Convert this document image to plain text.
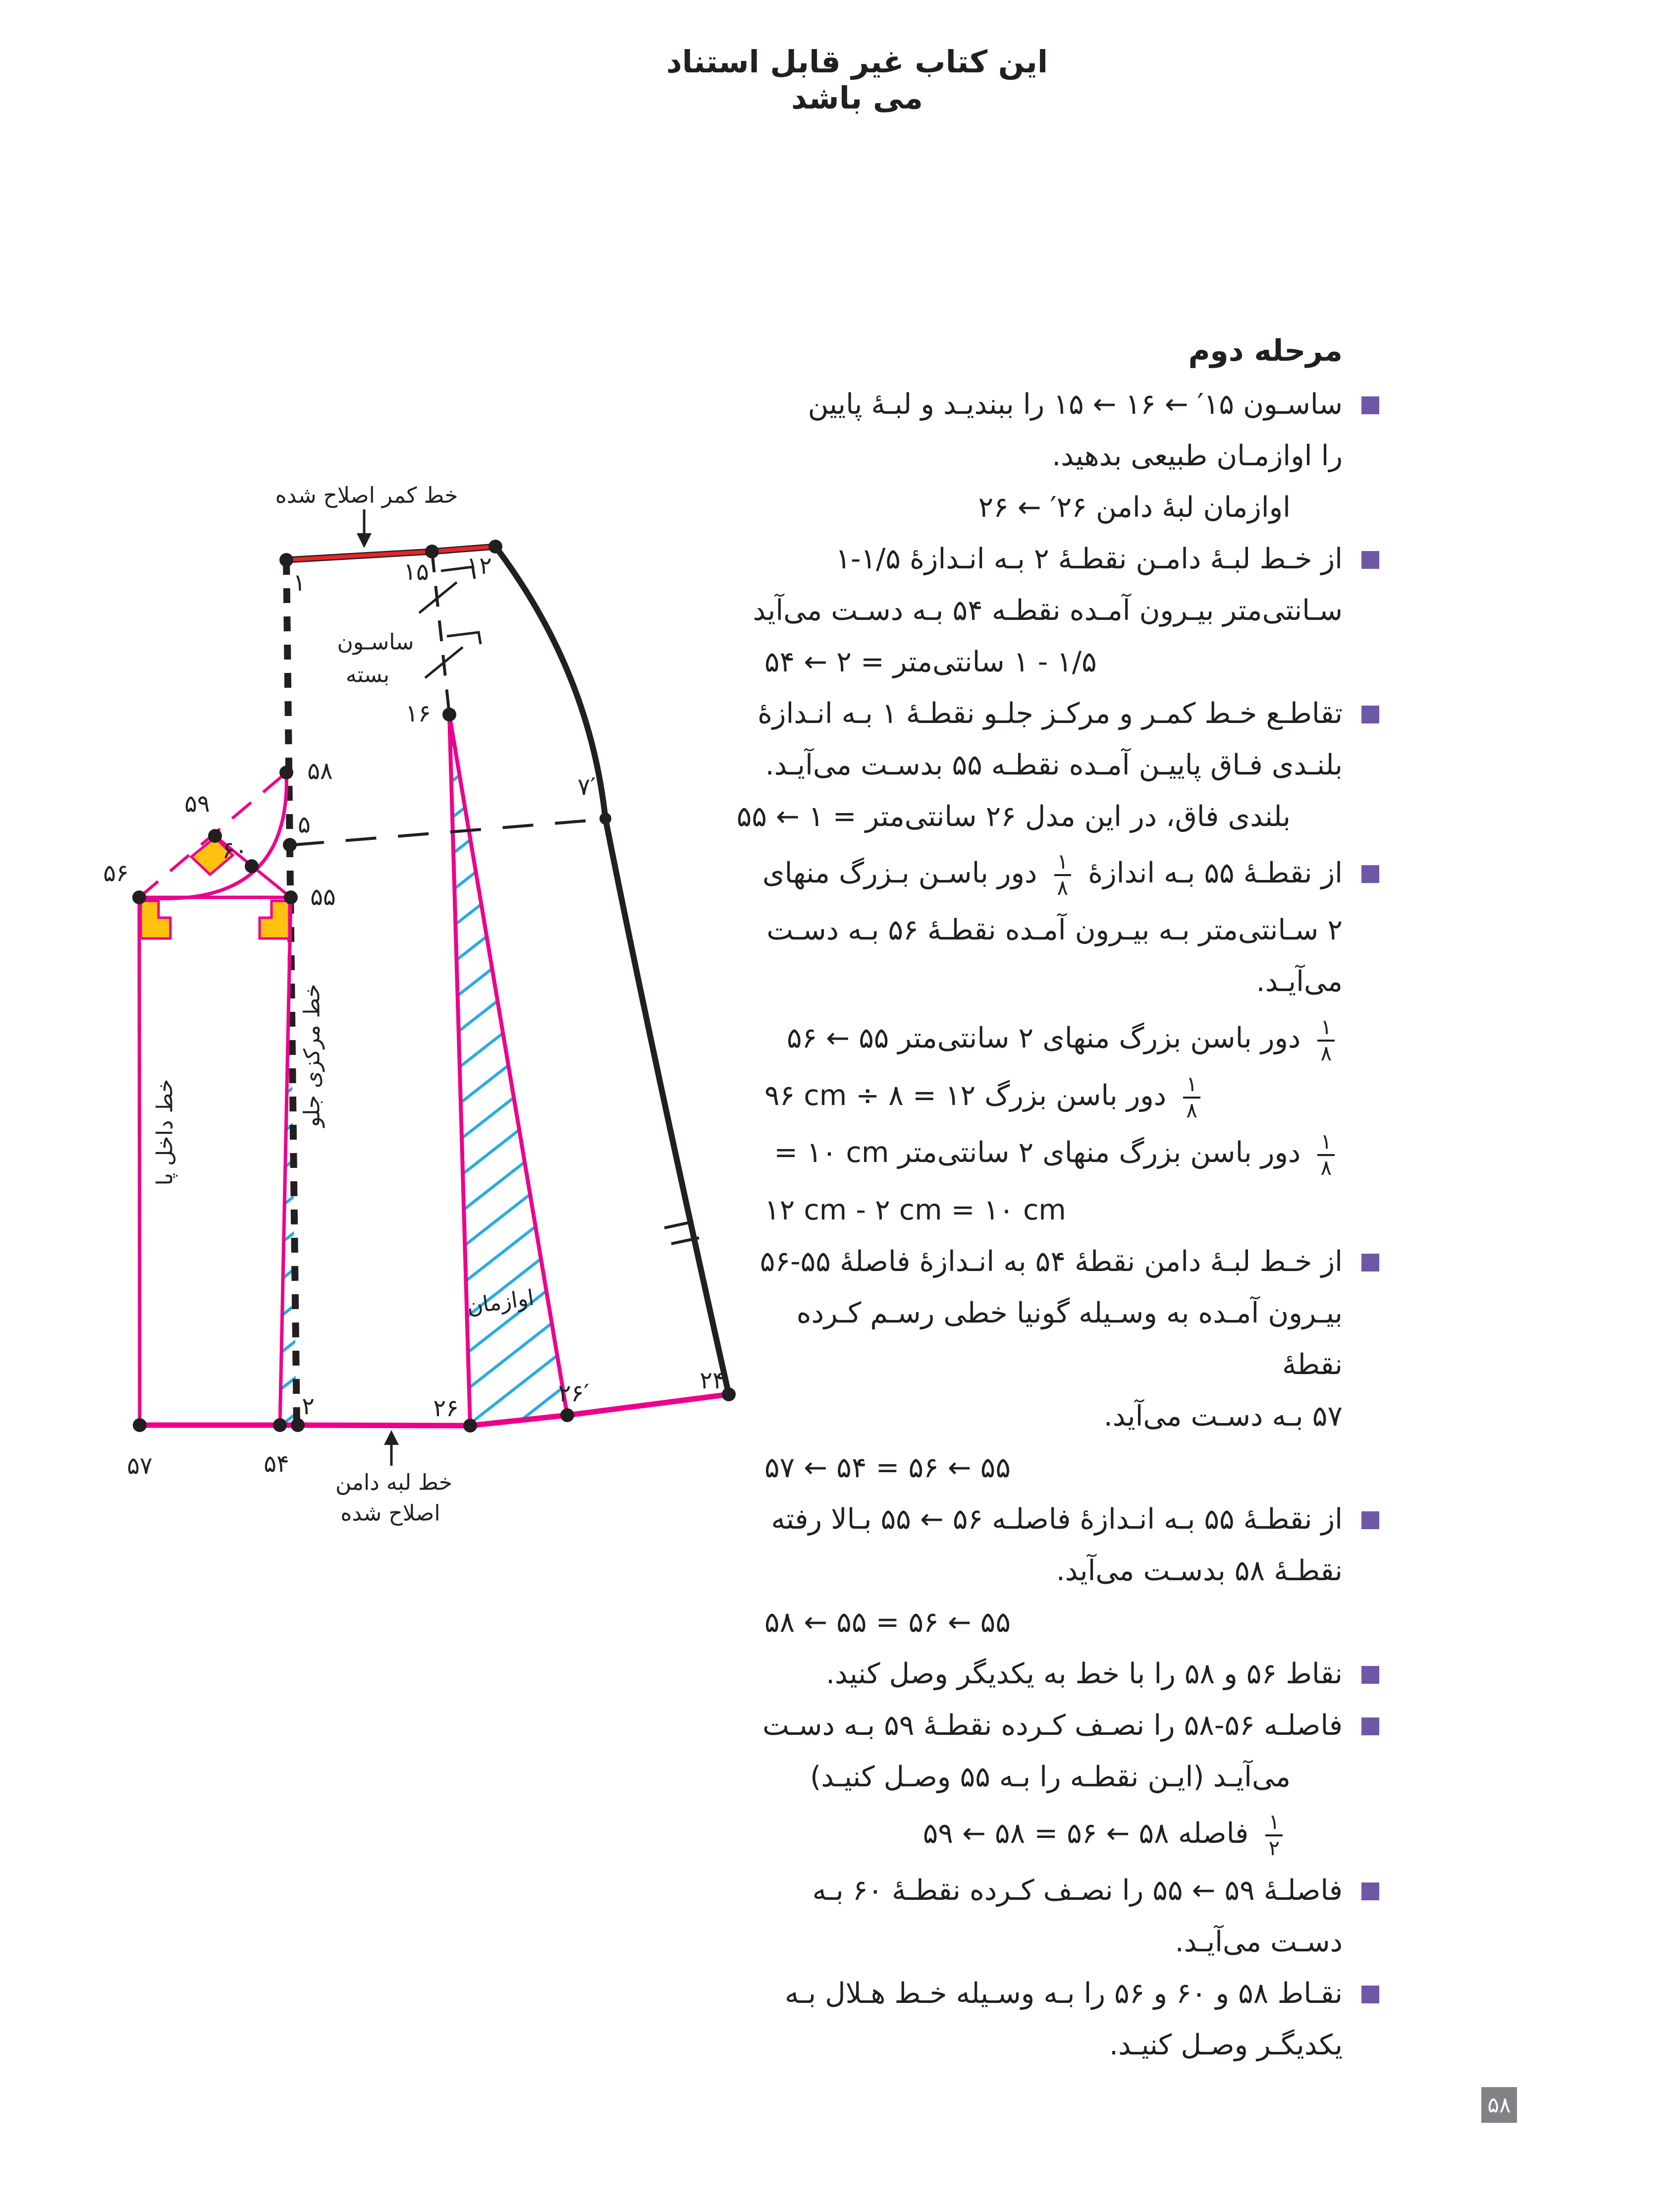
این کتاب غیر قابل استناد می باشد
خط کمر اصلاح شده
ساسـون
بسته
خط مرکزی جلو
خط داخل پا
اوازمان
خط لبه دامن
اصلاح شده
۱	۱۵ ۱۲
۱۶
۵۸
۵۹
۶۰
۵
۵۶
۵۵
۷′
۵۷	۵۴
۲	۲۶
۲۶′	۲۴
مرحله دوم
ساسـون ۱۵′ ← ۱۶ ← ۱۵ را ببندیـد و لبـهٔ پایین
را اوازمـان طبیعی بدهید.
اوازمان لبهٔ دامن ۲۶′ ← ۲۶
از خـط لبـهٔ دامـن نقطـهٔ ۲ بـه انـدازهٔ ۱/۵-۱
سـانتی‌متر بیـرون آمـده نقطـه ۵۴ بـه دسـت می‌آید
۱/۵ - ۱ سانتی‌متر = ۲ ← ۵۴
تقاطـع خـط کمـر و مرکـز جلـو نقطـهٔ ۱ بـه انـدازهٔ
بلنـدی فـاق پاییـن آمـده نقطـه ۵۵ بدسـت می‌آیـد.
بلندی فاق، در این مدل ۲۶ سانتی‌متر = ۱ ← ۵۵
از نقطـهٔ ۵۵ بـه اندازهٔ
$\frac{۱}{۸}$
دور باسـن بـزرگ منهای
۲ سـانتی‌متر بـه بیـرون آمـده نقطـهٔ ۵۶ بـه دسـت
می‌آیـد.
$\frac{۱}{۸}$
دور باسن بزرگ منهای ۲ سانتی‌متر ۵۵ ← ۵۶
$\frac{۱}{۸}$
دور باسن بزرگ ۱۲ = ۸ ÷ ۹۶ cm
$\frac{۱}{۸}$
دور باسن بزرگ منهای ۲ سانتی‌متر = ۱۰ cm
۱۲ cm - ۲ cm = ۱۰ cm
از خـط لبـهٔ دامن نقطهٔ ۵۴ به انـدازهٔ فاصلهٔ ۵۵-۵۶
بیـرون آمـده به وسـیله گونیا خطی رسـم کـرده نقطهٔ
۵۷ بـه دسـت می‌آید.
۵۵ ← ۵۶ = ۵۴ ← ۵۷
از نقطـهٔ ۵۵ بـه انـدازهٔ فاصلـه ۵۶ ← ۵۵ بـالا رفته
نقطـهٔ ۵۸ بدسـت می‌آید.
۵۵ ← ۵۶ = ۵۵ ← ۵۸
نقاط ۵۶ و ۵۸ را با خط به یکدیگر وصل کنید.
فاصلـه ۵۶-۵۸ را نصـف کـرده نقطـهٔ ۵۹ بـه دسـت
می‌آیـد (ایـن نقطـه را بـه ۵۵ وصـل کنیـد)
$\frac{۱}{۲}$
فاصله ۵۸ ← ۵۶ = ۵۸ ← ۵۹
فاصلـهٔ ۵۹ ← ۵۵ را نصـف کـرده نقطـهٔ ۶۰ بـه
دسـت می‌آیـد.
نقـاط ۵۸ و ۶۰ و ۵۶ را بـه وسـیله خـط هـلال بـه
یکدیگـر وصـل کنیـد.
۵۸
